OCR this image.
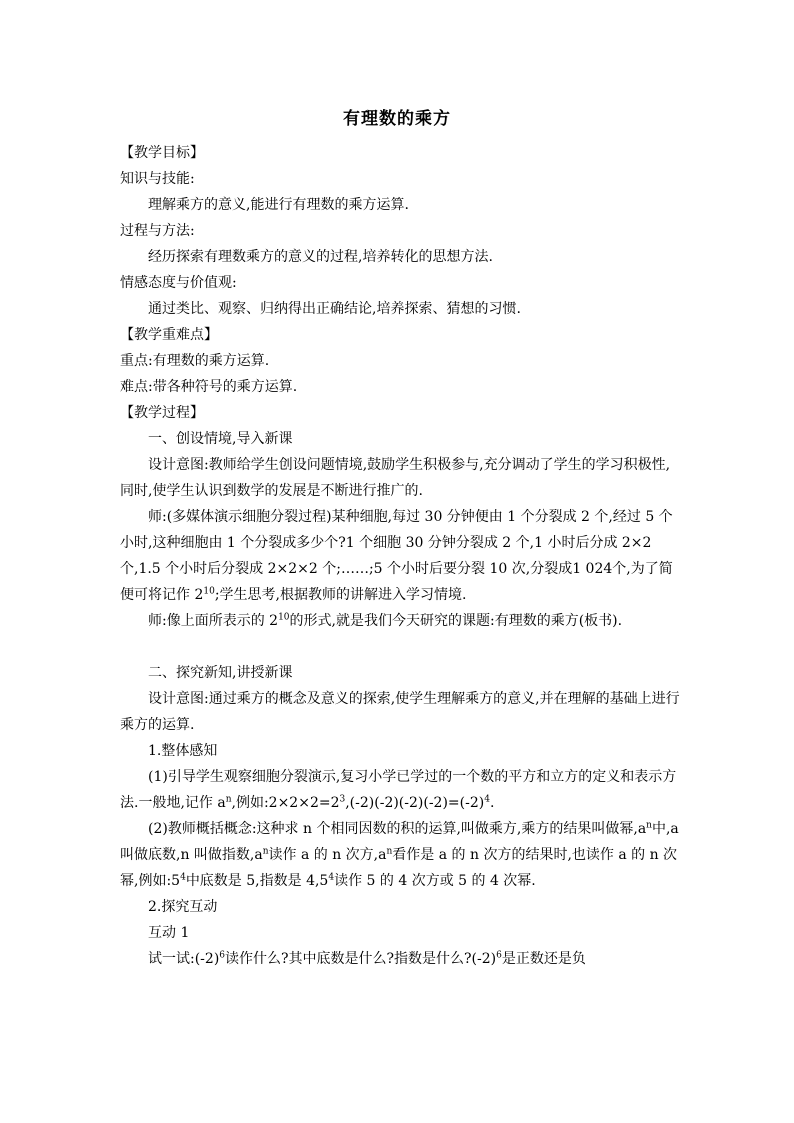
有理数的乘方

【教学目标】

知识与技能:

理解乘方的意义,能进行有理数的乘方运算.

过程与方法:

经历探索有理数乘方的意义的过程,培养转化的思想方法.

情感态度与价值观:

通过类比、观察、归纳得出正确结论,培养探索、猜想的习惯.

【教学重难点】

重点:有理数的乘方运算.

难点:带各种符号的乘方运算.

【教学过程】

一、创设情境,导入新课

设计意图:教师给学生创设问题情境,鼓励学生积极参与,充分调动了学生的学习积极性,同时,使学生认识到数学的发展是不断进行推广的.

师:(多媒体演示细胞分裂过程)某种细胞,每过 30 分钟便由 1 个分裂成 2 个,经过 5 个小时,这种细胞由 1 个分裂成多少个?1 个细胞 30 分钟分裂成 2 个,1 小时后分成 2×2 个,1.5 个小时后分裂成 2×2×2 个;……;5 个小时后要分裂 10 次,分裂成1 024个,为了简便可将记作 $2^{10}$;学生思考,根据教师的讲解进入学习情境.

师:像上面所表示的 $2^{10}$的形式,就是我们今天研究的课题:有理数的乘方(板书).

二、探究新知,讲授新课

设计意图:通过乘方的概念及意义的探索,使学生理解乘方的意义,并在理解的基础上进行乘方的运算.

1.整体感知

(1)引导学生观察细胞分裂演示,复习小学已学过的一个数的平方和立方的定义和表示方法.一般地,记作 $a^n$,例如$:2\times 2\times 2=2^3,(-2)(-2)(-2)(-2)=(-2)^4$.

(2)教师概括概念:这种求 n 个相同因数的积的运算,叫做乘方,乘方的结果叫做幂$,a^n$中,a 叫做底数,n 叫做指数$,a^n$读作 a 的 n 次方$,a^n$看作是 a 的 n 次方的结果时,也读作 a 的 n 次幂,例如$:5^4$中底数是 5,指数是 $4,5^4$读作 5 的 4 次方或 5 的 4 次幂.

2.探究互动

互动 1

试一试$:(-2)^6$读作什么?其中底数是什么?指数是什么$?(-2)^6$是正数还是负
